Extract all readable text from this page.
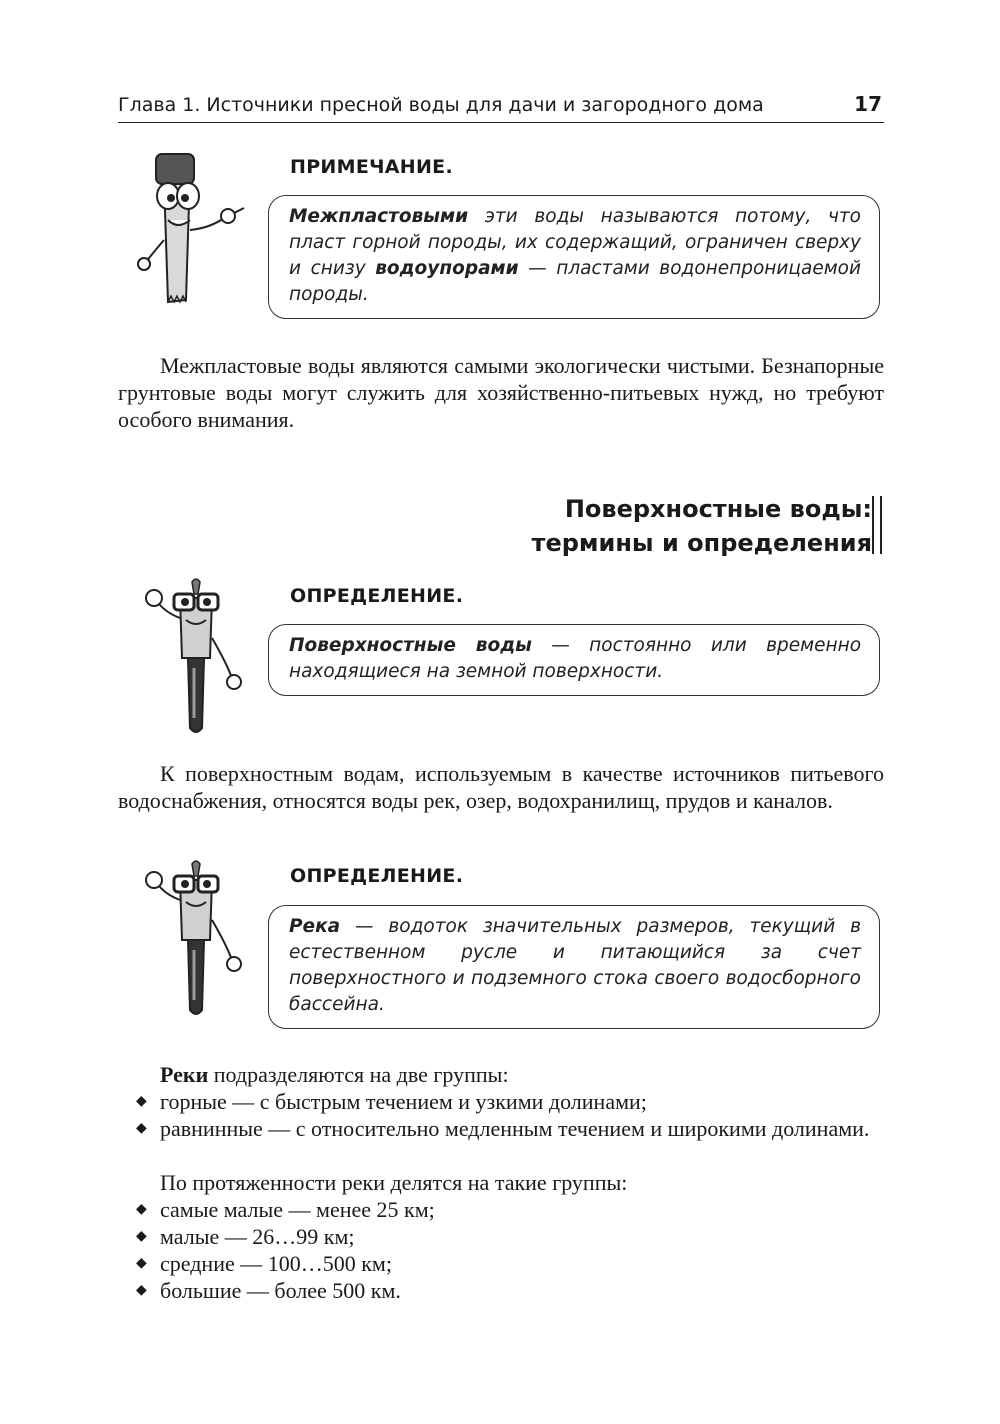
Глава 1. Источники пресной воды для дачи и загородного дома	17
ПРИМЕЧАНИЕ.
Межпластовыми эти воды называются потому, что пласт горной породы, их содержащий, ограничен сверху и снизу водоупорами — пластами водонепроницаемой породы.
Межпластовые воды являются самыми экологически чистыми. Безнапорные грунтовые воды могут служить для хозяйственно-питьевых нужд, но требуют особого внимания.
Поверхностные воды:
термины и определения
ОПРЕДЕЛЕНИЕ.
Поверхностные воды — постоянно или временно находящиеся на земной поверхности.
К поверхностным водам, используемым в качестве источников питьевого водоснабжения, относятся воды рек, озер, водохранилищ, прудов и каналов.
ОПРЕДЕЛЕНИЕ.
Река — водоток значительных размеров, текущий в естественном русле и питающийся за счет поверхностного и подземного стока своего водосборного бассейна.
Реки подразделяются на две группы:
◆ горные — с быстрым течением и узкими долинами;
◆ равнинные — с относительно медленным течением и широкими долинами.
По протяженности реки делятся на такие группы:
◆ самые малые — менее 25 км;
◆ малые — 26…99 км;
◆ средние — 100…500 км;
◆ большие — более 500 км.
